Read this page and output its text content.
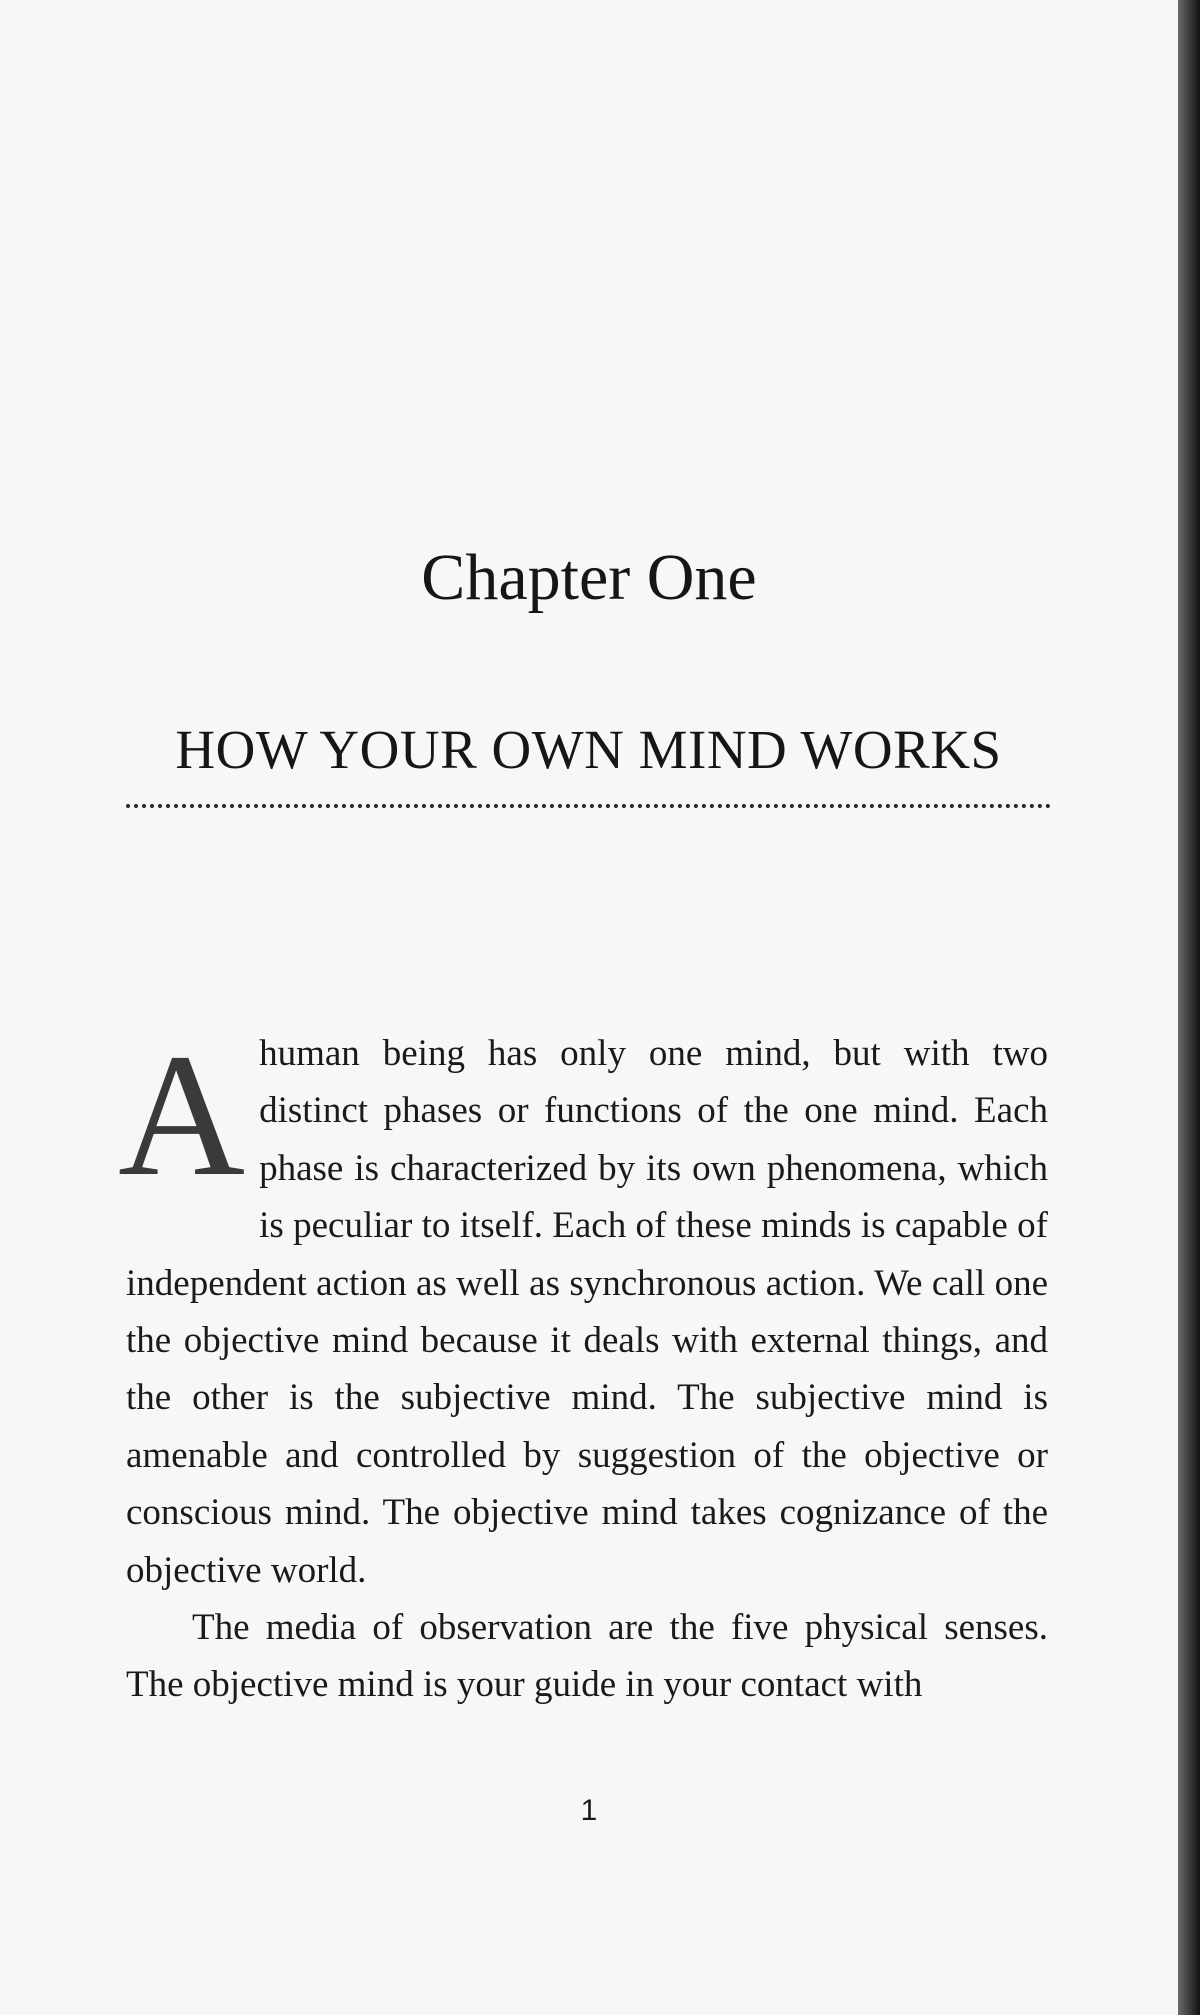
Chapter One
HOW YOUR OWN MIND WORKS

Ahuman being has only one mind, but with two distinct phases or functions of the one mind. Each phase is characterized by its own phenomena, which is peculiar to itself. Each of these minds is capable of independent action as well as synchronous action. We call one the objective mind because it deals with external things, and the other is the subjective mind. The subjective mind is amenable and controlled by suggestion of the objective or conscious mind. The objective mind takes cognizance of the objective world.

The media of observation are the five physical senses. The objective mind is your guide in your contact with

1
